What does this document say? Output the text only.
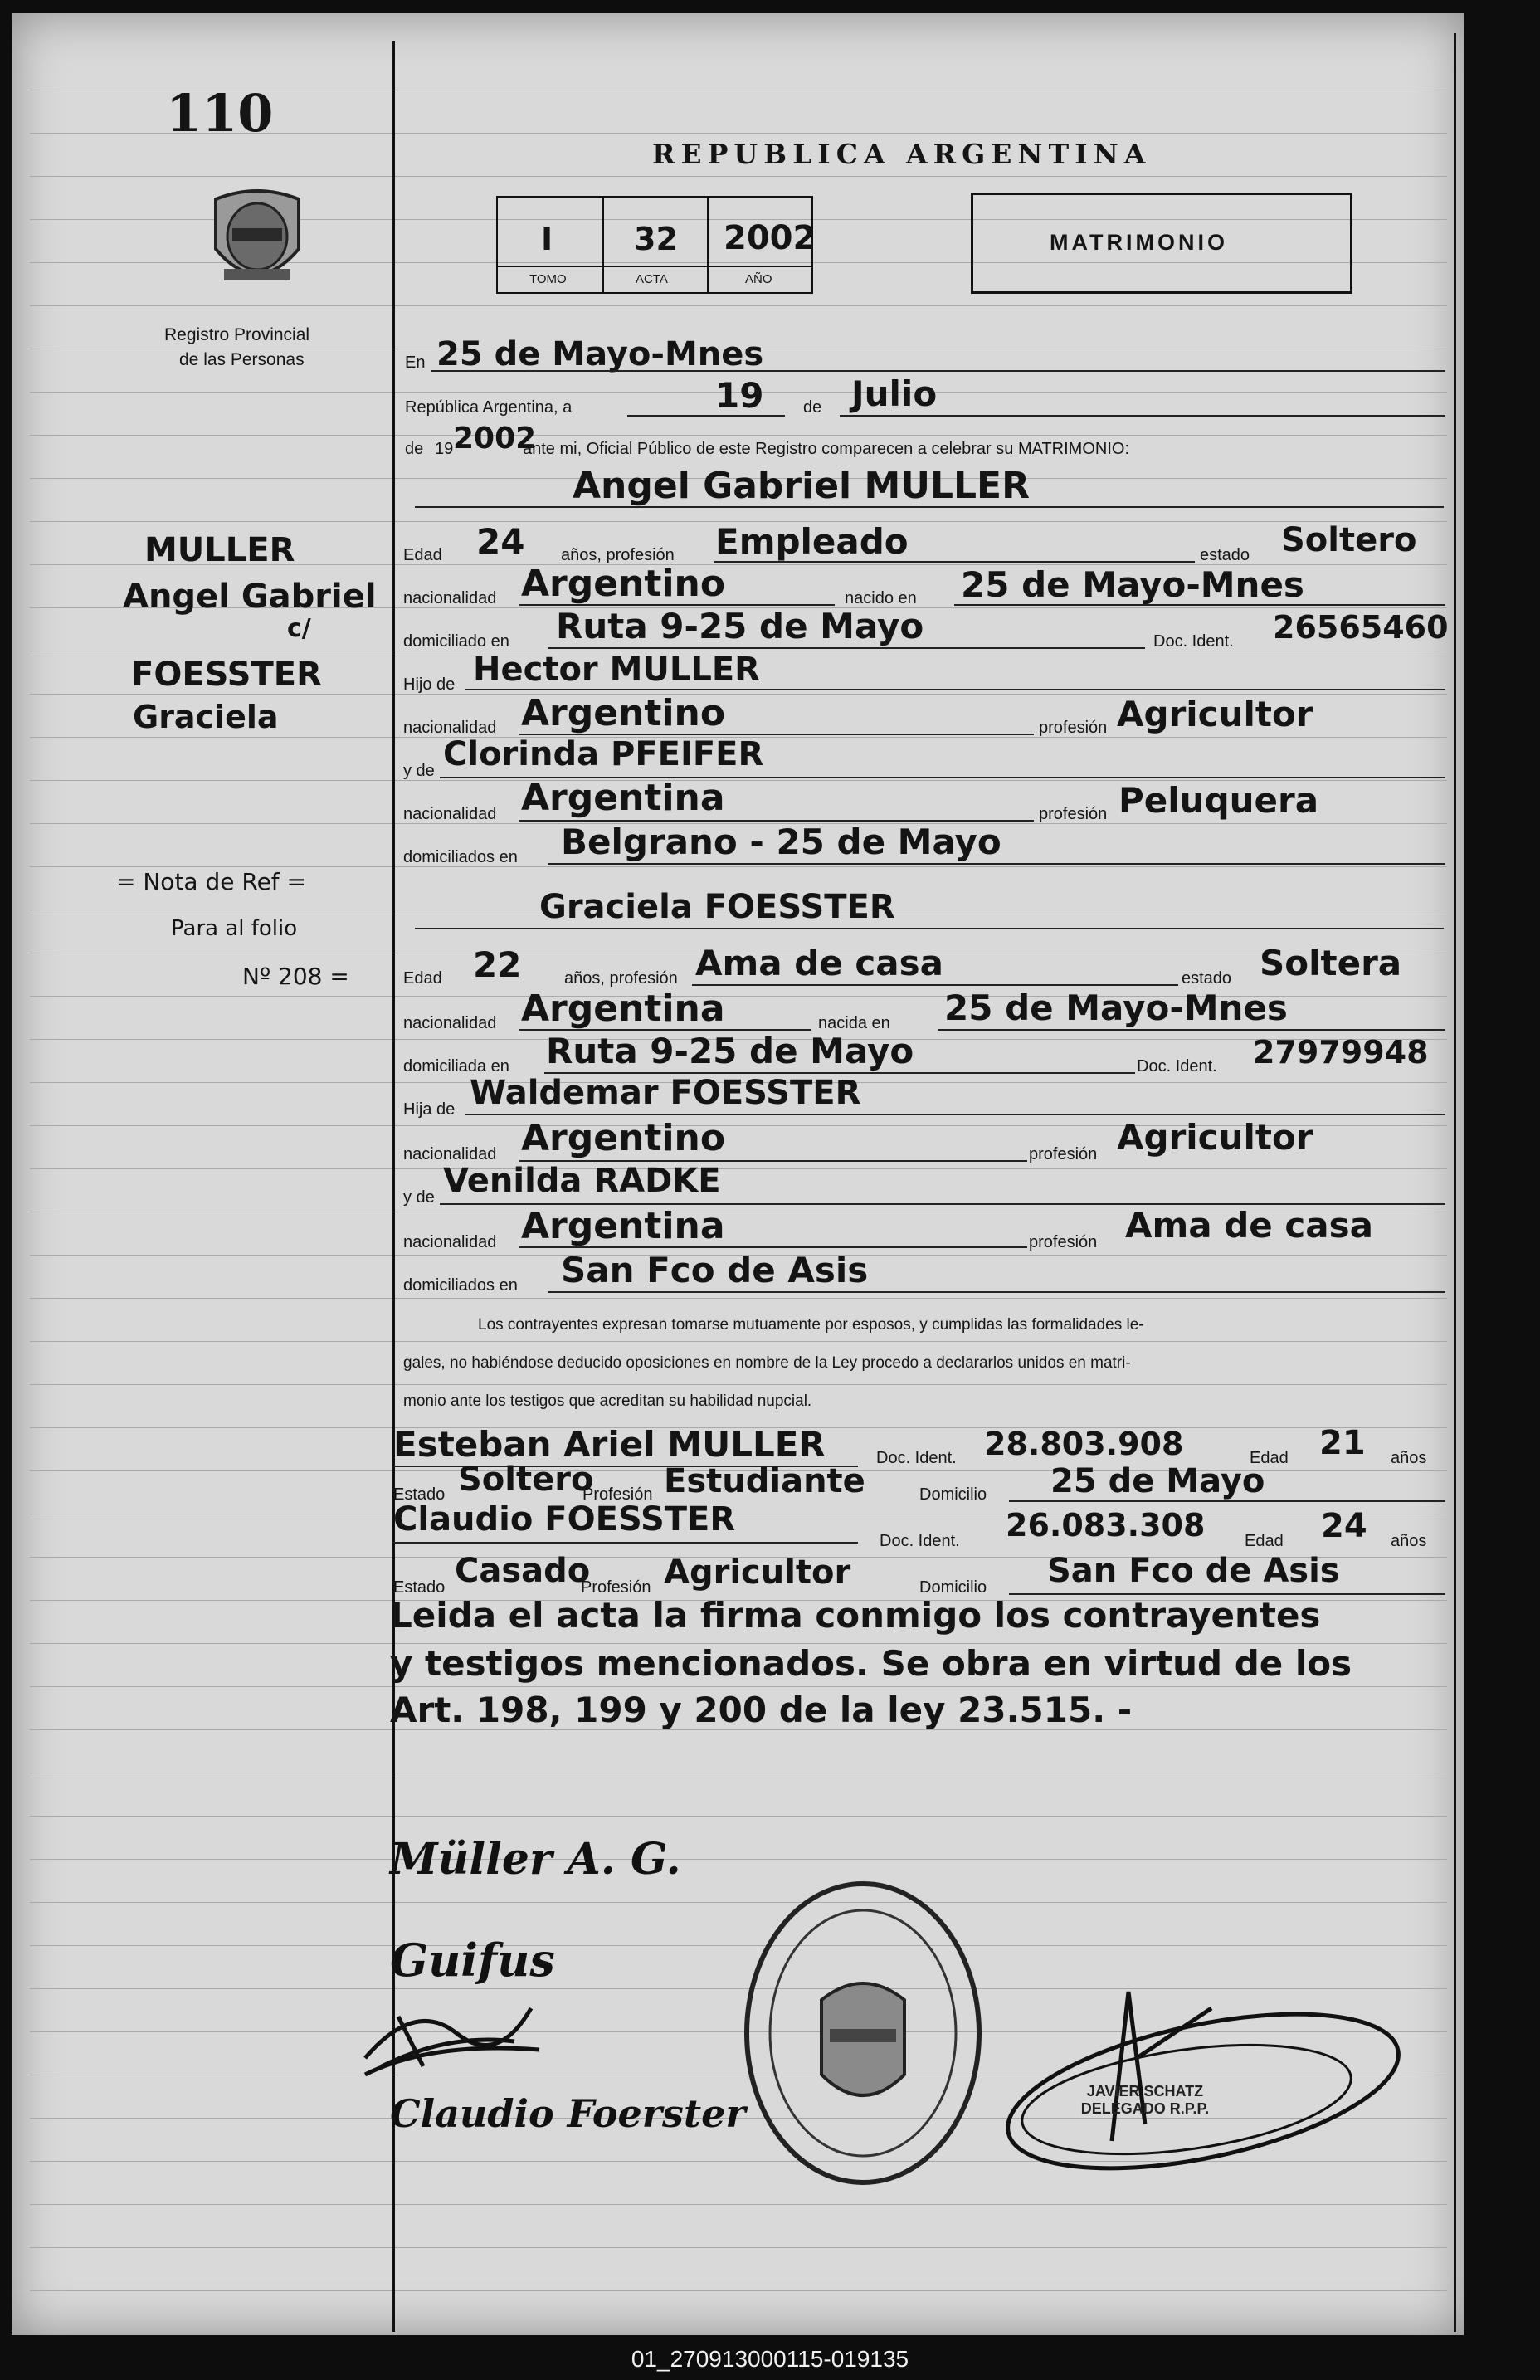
110
Registro Provincial
de las Personas
REPUBLICA ARGENTINA
I	32 2002
TOMO	ACTA	AÑO
MATRIMONIO
MULLER
Angel Gabriel
c/
FOESSTER
Graciela
= Nota de Ref =
Para al folio
Nº 208 =
En 25 de Mayo-Mnes
República Argentina, a	19 de Julio
de 19 2002
ante mi, Oficial Público de este Registro comparecen a celebrar su MATRIMONIO:
Angel Gabriel MULLER
Edad 24 años, profesión Empleado	estado Soltero
nacionalidad Argentino	nacido en 25 de Mayo-Mnes
domiciliado en Ruta 9-25 de Mayo	Doc. Ident. 26565460
Hijo de Hector MULLER
nacionalidad Argentino	profesión Agricultor
y de Clorinda PFEIFER
nacionalidad Argentina	profesión Peluquera
domiciliados en Belgrano - 25 de Mayo
Graciela FOESSTER
Edad 22	años, profesión Ama de casa	estado Soltera
nacionalidad Argentina	nacida en 25 de Mayo-Mnes
domiciliada en Ruta 9-25 de Mayo	Doc. Ident. 27979948
Hija de Waldemar FOESSTER
nacionalidad Argentino	profesión Agricultor
y de Venilda RADKE
nacionalidad Argentina	profesión Ama de casa
domiciliados en San Fco de Asis
Los contrayentes expresan tomarse mutuamente por esposos, y cumplidas las formalidades le-
gales, no habiéndose deducido oposiciones en nombre de la Ley procedo a declararlos unidos en matri-
monio ante los testigos que acreditan su habilidad nupcial.
Esteban Ariel MULLER	Doc. Ident. 28.803.908	Edad 21 años
Estado Soltero
Profesión Estudiante	Domicilio 25 de Mayo
Claudio FOESSTER
Doc. Ident. 26.083.308 Edad 24 años
Estado Casado
Profesión Agricultor	Domicilio San Fco de Asis
Leida el acta la firma conmigo los contrayentes
y testigos mencionados. Se obra en virtud de los
Art. 198, 199 y 200 de la ley 23.515. -
Müller A. G.
Guifus
Claudio Foerster	JAVIER SCHATZ DELEGADO R.P.P.
01_270913000115-019135
